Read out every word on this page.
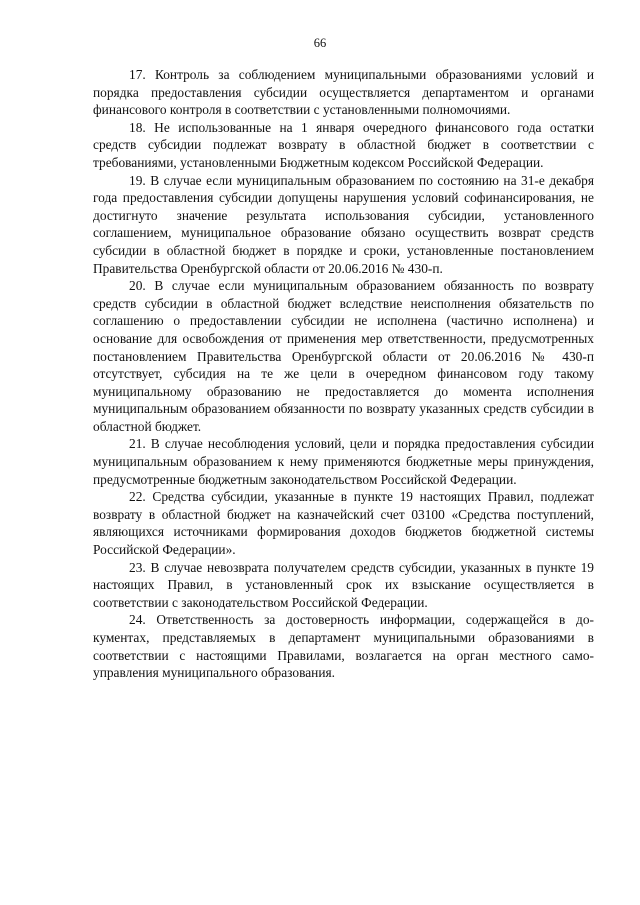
66

17. Контроль за соблюдением муниципальными образованиями условий и порядка предоставления субсидии осуществляется департаментом и органами финансового контроля в соответствии с установленными полномочиями.

18. Не использованные на 1 января очередного финансового года остатки средств субсидии подлежат возврату в областной бюджет в соответствии с требованиями, установленными Бюджетным кодексом Российской Федерации.

19. В случае если муниципальным образованием по состоянию на 31-е декабря года предоставления субсидии допущены нарушения условий софинансирования, не достигнуто значение результата использования субсидии, установленного соглашением, муниципальное образование обязано осуществить возврат средств субсидии в областной бюджет в порядке и сроки, установленные постановлением Правительства Оренбургской области от 20.06.2016 № 430-п.

20. В случае если муниципальным образованием обязанность по возврату средств субсидии в областной бюджет вследствие неисполнения обязательств по соглашению о предоставлении субсидии не исполнена (частично исполнена) и основание для освобождения от применения мер ответственности, предусмотренных постановлением Правительства Оренбургской области от 20.06.2016 № 430-п отсутствует, субсидия на те же цели в очередном финансовом году такому муниципальному образованию не предоставляется до момента исполнения муниципальным образованием обязанности по возврату указанных средств субсидии в областной бюджет.

21. В случае несоблюдения условий, цели и порядка предоставления субсидии муниципальным образованием к нему применяются бюджетные меры принуждения, предусмотренные бюджетным законодательством Российской Федерации.

22. Средства субсидии, указанные в пункте 19 настоящих Правил, подлежат возврату в областной бюджет на казначейский счет 03100 «Средства поступлений, являющихся источниками формирования доходов бюджетов бюджетной системы Российской Федерации».

23. В случае невозврата получателем средств субсидии, указанных в пункте 19 настоящих Правил, в установленный срок их взыскание осуществляется в соответствии с законодательством Российской Федерации.

24. Ответственность за достоверность информации, содержащейся в документах, представляемых в департамент муниципальными образованиями в соответствии с настоящими Правилами, возлагается на орган местного самоуправления муниципального образования.
